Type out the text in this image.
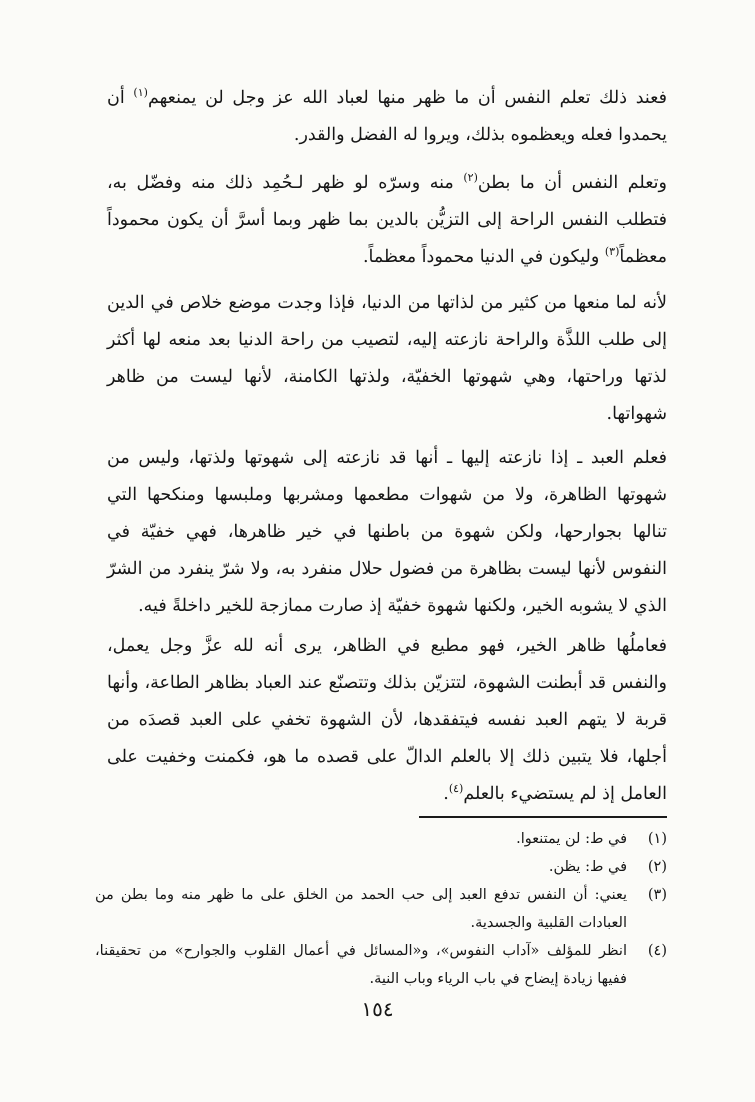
فعند ذلك تعلم النفس أن ما ظهر منها لعباد الله عز وجل لن يمنعهم$^{(١)}$ أن يحمدوا فعله ويعظموه بذلك، ويروا له الفضل والقدر.

وتعلم النفس أن ما بطن$^{(٢)}$ منه وسرّه لو ظهر لـحُمِد ذلك منه وفضّل به، فتطلب النفس الراحة إلى التزيُّن بالدين بما ظهر وبما أسرَّ أن يكون محموداً معظماً$^{(٣)}$ وليكون في الدنيا محموداً معظماً.

لأنه لما منعها من كثير من لذاتها من الدنيا، فإذا وجدت موضع خلاص في الدين إلى طلب اللذَّة والراحة نازعته إليه، لتصيب من راحة الدنيا بعد منعه لها أكثر لذتها وراحتها، وهي شهوتها الخفيّة، ولذتها الكامنة، لأنها ليست من ظاهر شهواتها.

فعلم العبد ـ إذا نازعته إليها ـ أنها قد نازعته إلى شهوتها ولذتها، وليس من شهوتها الظاهرة، ولا من شهوات مطعمها ومشربها وملبسها ومنكحها التي تنالها بجوارحها، ولكن شهوة من باطنها في خير ظاهرها، فهي خفيّة في النفوس لأنها ليست بظاهرة من فضول حلال منفرد به، ولا شرّ ينفرد من الشرّ الذي لا يشوبه الخير، ولكنها شهوة خفيّة إذ صارت ممازجة للخير داخلةً فيه.

فعاملُها ظاهر الخير، فهو مطيع في الظاهر، يرى أنه لله عزَّ وجل يعمل، والنفس قد أبطنت الشهوة، لتتزيّن بذلك وتتصنّع عند العباد بظاهر الطاعة، وأنها قربة لا يتهم العبد نفسه فيتفقدها، لأن الشهوة تخفي على العبد قصدَه من أجلها، فلا يتبين ذلك إلا بالعلم الدالّ على قصده ما هو، فكمنت وخفيت على العامل إذ لم يستضيء بالعلم$^{(٤)}$.

(١)
في ط: لن يمتنعوا.
(٢)
في ط: يظن.
(٣)
يعني: أن النفس تدفع العبد إلى حب الحمد من الخلق على ما ظهر منه وما بطن من العبادات القلبية والجسدية.
(٤)
انظر للمؤلف «آداب النفوس»، و«المسائل في أعمال القلوب والجوارح» من تحقيقنا، ففيها زيادة إيضاح في باب الرياء وباب النية.
١٥٤
